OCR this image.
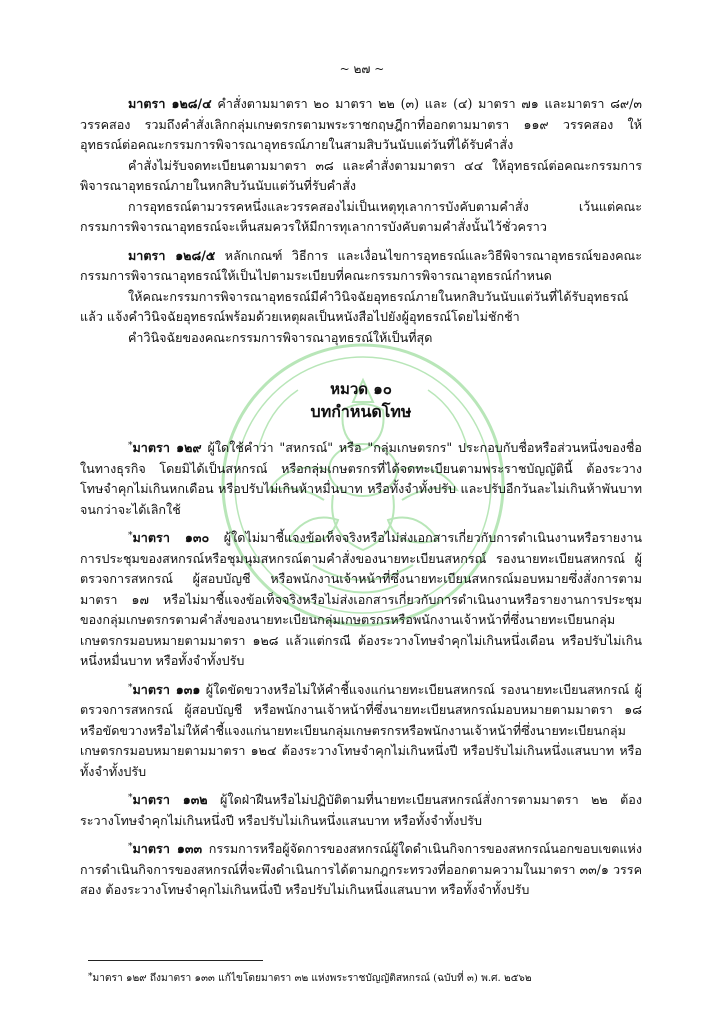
~ ๒๗ ~

มาตรา ๑๒๘/๔ คำสั่งตามมาตรา ๒๐ มาตรา ๒๒ (๓) และ (๔) มาตรา ๗๑ และมาตรา ๘๙/๓ วรรคสอง รวมถึงคำสั่งเลิกกลุ่มเกษตรกรตามพระราชกฤษฎีกาที่ออกตามมาตรา ๑๑๙ วรรคสอง ให้อุทธรณ์ต่อคณะกรรมการพิจารณาอุทธรณ์ภายในสามสิบวันนับแต่วันที่ได้รับคำสั่ง

คำสั่งไม่รับจดทะเบียนตามมาตรา ๓๘ และคำสั่งตามมาตรา ๔๔ ให้อุทธรณ์ต่อคณะกรรมการพิจารณาอุทธรณ์ภายในหกสิบวันนับแต่วันที่รับคำสั่ง

การอุทธรณ์ตามวรรคหนึ่งและวรรคสองไม่เป็นเหตุทุเลาการบังคับตามคำสั่ง เว้นแต่คณะกรรมการพิจารณาอุทธรณ์จะเห็นสมควรให้มีการทุเลาการบังคับตามคำสั่งนั้นไว้ชั่วคราว

มาตรา ๑๒๘/๕ หลักเกณฑ์ วิธีการ และเงื่อนไขการอุทธรณ์และวิธีพิจารณาอุทธรณ์ของคณะกรรมการพิจารณาอุทธรณ์ให้เป็นไปตามระเบียบที่คณะกรรมการพิจารณาอุทธรณ์กำหนด

ให้คณะกรรมการพิจารณาอุทธรณ์มีคำวินิจฉัยอุทธรณ์ภายในหกสิบวันนับแต่วันที่ได้รับอุทธรณ์แล้ว แจ้งคำวินิจฉัยอุทธรณ์พร้อมด้วยเหตุผลเป็นหนังสือไปยังผู้อุทธรณ์โดยไม่ชักช้า

คำวินิจฉัยของคณะกรรมการพิจารณาอุทธรณ์ให้เป็นที่สุด

หมวด ๑๐
บทกำหนดโทษ

*มาตรา ๑๒๙ ผู้ใดใช้คำว่า "สหกรณ์" หรือ "กลุ่มเกษตรกร" ประกอบกับชื่อหรือส่วนหนึ่งของชื่อในทางธุรกิจ โดยมิได้เป็นสหกรณ์ หรือกลุ่มเกษตรกรที่ได้จดทะเบียนตามพระราชบัญญัตินี้ ต้องระวางโทษจำคุกไม่เกินหกเดือน หรือปรับไม่เกินห้าหมื่นบาท หรือทั้งจำทั้งปรับ และปรับอีกวันละไม่เกินห้าพันบาทจนกว่าจะได้เลิกใช้

*มาตรา ๑๓๐ ผู้ใดไม่มาชี้แจงข้อเท็จจริงหรือไม่ส่งเอกสารเกี่ยวกับการดำเนินงานหรือรายงานการประชุมของสหกรณ์หรือชุมนุมสหกรณ์ตามคำสั่งของนายทะเบียนสหกรณ์ รองนายทะเบียนสหกรณ์ ผู้ตรวจการสหกรณ์ ผู้สอบบัญชี หรือพนักงานเจ้าหน้าที่ซึ่งนายทะเบียนสหกรณ์มอบหมายซึ่งสั่งการตามมาตรา ๑๗ หรือไม่มาชี้แจงข้อเท็จจริงหรือไม่ส่งเอกสารเกี่ยวกับการดำเนินงานหรือรายงานการประชุมของกลุ่มเกษตรกรตามคำสั่งของนายทะเบียนกลุ่มเกษตรกรหรือพนักงานเจ้าหน้าที่ซึ่งนายทะเบียนกลุ่มเกษตรกรมอบหมายตามมาตรา ๑๒๘ แล้วแต่กรณี ต้องระวางโทษจำคุกไม่เกินหนึ่งเดือน หรือปรับไม่เกินหนึ่งหมื่นบาท หรือทั้งจำทั้งปรับ

*มาตรา ๑๓๑ ผู้ใดขัดขวางหรือไม่ให้คำชี้แจงแก่นายทะเบียนสหกรณ์ รองนายทะเบียนสหกรณ์ ผู้ตรวจการสหกรณ์ ผู้สอบบัญชี หรือพนักงานเจ้าหน้าที่ซึ่งนายทะเบียนสหกรณ์มอบหมายตามมาตรา ๑๘ หรือขัดขวางหรือไม่ให้คำชี้แจงแก่นายทะเบียนกลุ่มเกษตรกรหรือพนักงานเจ้าหน้าที่ซึ่งนายทะเบียนกลุ่มเกษตรกรมอบหมายตามมาตรา ๑๒๔ ต้องระวางโทษจำคุกไม่เกินหนึ่งปี หรือปรับไม่เกินหนึ่งแสนบาท หรือทั้งจำทั้งปรับ

*มาตรา ๑๓๒ ผู้ใดฝ่าฝืนหรือไม่ปฏิบัติตามที่นายทะเบียนสหกรณ์สั่งการตามมาตรา ๒๒ ต้องระวางโทษจำคุกไม่เกินหนึ่งปี หรือปรับไม่เกินหนึ่งแสนบาท หรือทั้งจำทั้งปรับ

*มาตรา ๑๓๓ กรรมการหรือผู้จัดการของสหกรณ์ผู้ใดดำเนินกิจการของสหกรณ์นอกขอบเขตแห่งการดำเนินกิจการของสหกรณ์ที่จะพึงดำเนินการได้ตามกฎกระทรวงที่ออกตามความในมาตรา ๓๓/๑ วรรคสอง ต้องระวางโทษจำคุกไม่เกินหนึ่งปี หรือปรับไม่เกินหนึ่งแสนบาท หรือทั้งจำทั้งปรับ

*มาตรา ๑๒๙ ถึงมาตรา ๑๓๓ แก้ไขโดยมาตรา ๓๒ แห่งพระราชบัญญัติสหกรณ์ (ฉบับที่ ๓) พ.ศ. ๒๕๖๒
